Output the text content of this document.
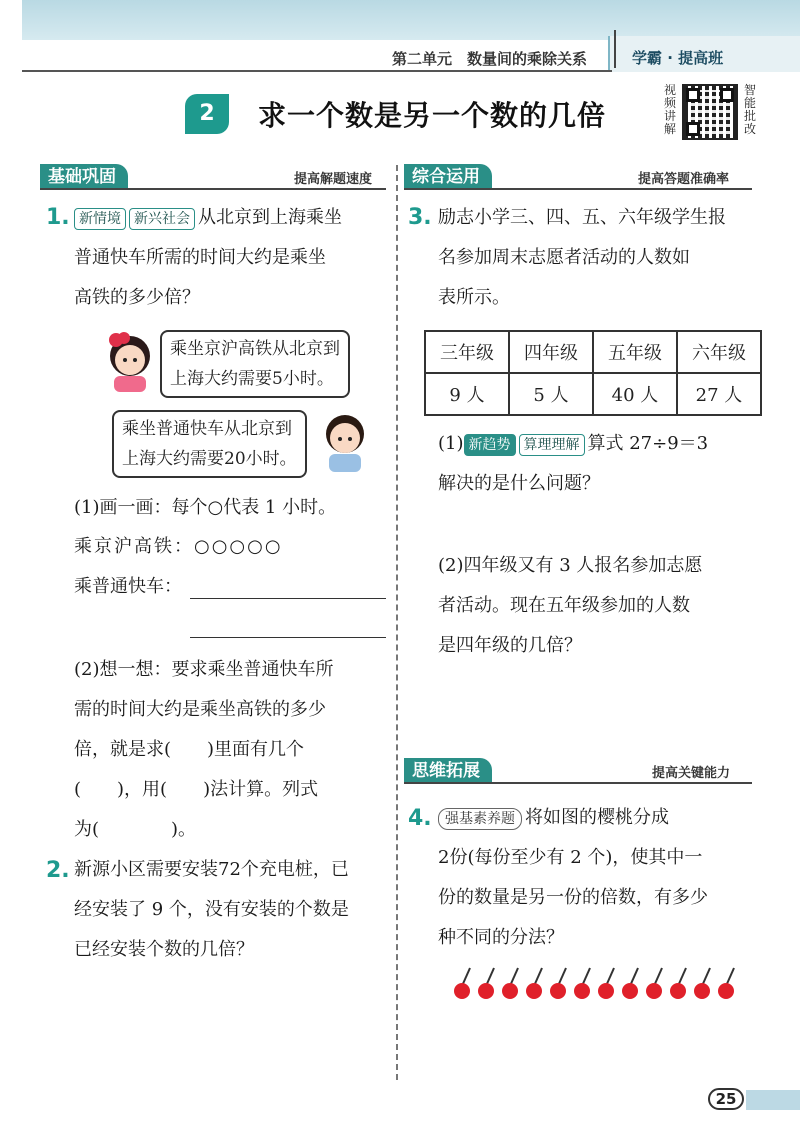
第二单元　数量间的乘除关系	学霸 · 提高班
2	求一个数是另一个数的几倍
视频讲解
智能批改
基础巩固	提高解题速度	综合运用	提高答题准确率
1. 新情境 新兴社会 从北京到上海乘坐
普通快车所需的时间大约是乘坐
高铁的多少倍？
乘坐京沪高铁从北京到
上海大约需要5小时。
乘坐普通快车从北京到
上海大约需要20小时。
(1)画一画：每个○代表 1 小时。
乘京沪高铁：○○○○○
乘普通快车：
(2)想一想：要求乘坐普通快车所
需的时间大约是乘坐高铁的多少
倍，就是求(　　)里面有几个
(　　)，用(　　)法计算。列式
为(　　　　)。
2. 新源小区需要安装72个充电桩，已
经安装了 9 个，没有安装的个数是
已经安装个数的几倍？
3. 励志小学三、四、五、六年级学生报
名参加周末志愿者活动的人数如
表所示。
三年级	四年级	五年级	六年级
9 人	5 人	40 人	27 人
(1) 新趋势 算理理解 算式 27÷9＝3
解决的是什么问题？
(2)四年级又有 3 人报名参加志愿
者活动。现在五年级参加的人数
是四年级的几倍？
思维拓展	提高关键能力
4. 强基素养题 将如图的樱桃分成
2份(每份至少有 2 个)，使其中一
份的数量是另一份的倍数，有多少
种不同的分法？
25
